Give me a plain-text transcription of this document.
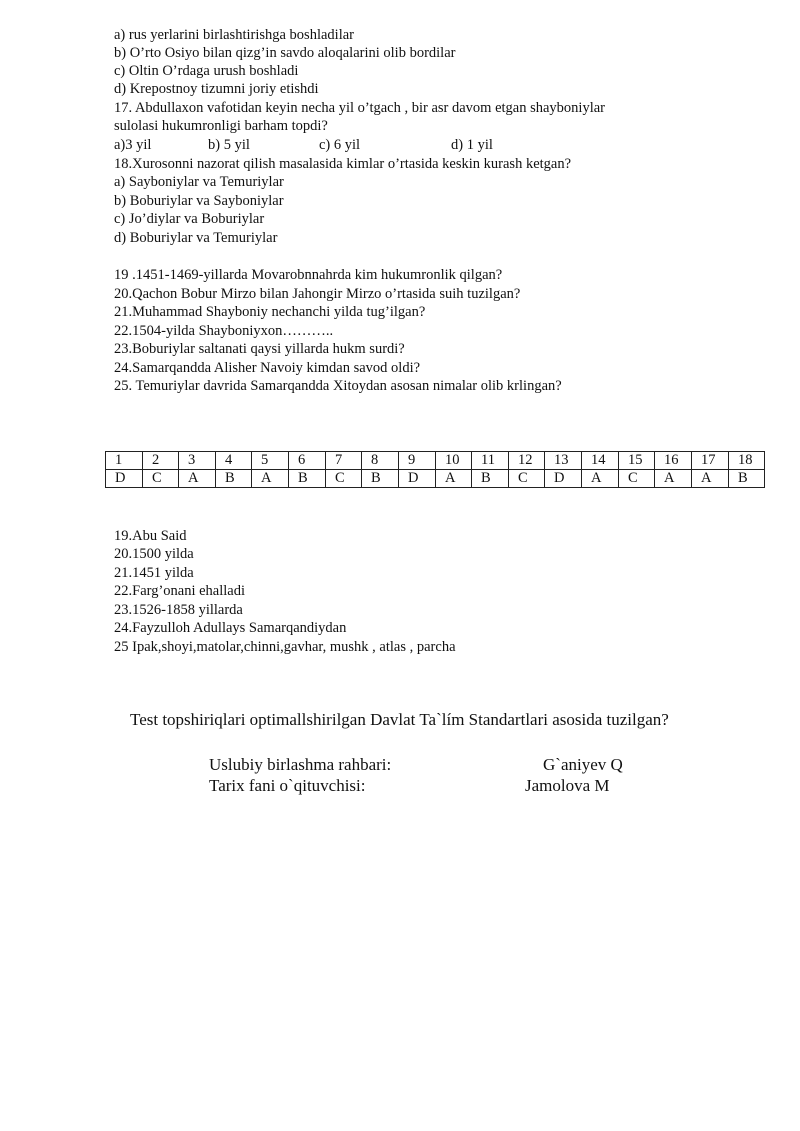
a) rus yerlarini birlashtirishga boshladilar
b) O’rto Osiyo bilan qizg’in savdo aloqalarini olib bordilar
c) Oltin O’rdaga urush boshladi
d) Krepostnoy tizumni joriy etishdi
17. Abdullaxon vafotidan keyin necha yil o’tgach , bir asr davom etgan shayboniylar
sulolasi hukumronligi barham topdi?
a)3 yil	b) 5 yil	c) 6 yil	d) 1 yil
18.Xurosonni nazorat qilish masalasida kimlar o’rtasida keskin kurash ketgan?
a) Sayboniylar va Temuriylar
b) Boburiylar va Sayboniylar
c) Jo’diylar va Boburiylar
d) Boburiylar va Temuriylar
19 .1451-1469-yillarda Movarobnnahrda kim hukumronlik qilgan?
20.Qachon Bobur Mirzo bilan Jahongir Mirzo o’rtasida suih tuzilgan?
21.Muhammad Shayboniy nechanchi yilda tug’ilgan?
22.1504-yilda Shayboniyxon………..
23.Boburiylar saltanati qaysi yillarda hukm surdi?
24.Samarqandda Alisher Navoiy kimdan savod oldi?
25. Temuriylar davrida Samarqandda Xitoydan asosan nimalar olib krlingan?
1	2	3	4	5	6	7	8	9	10	11	12	13	14	15	16	17	18
D	C	A	B	A	B	C	B	D	A	B	C	D	A	C	A	A	B
19.Abu Said
20.1500 yilda
21.1451 yilda
22.Farg’onani ehalladi
23.1526-1858 yillarda
24.Fayzulloh Adullays Samarqandiydan
25 Ipak,shoyi,matolar,chinni,gavhar, mushk , atlas , parcha
Test topshiriqlari optimallshirilgan Davlat Ta`lím Standartlari asosida tuzilgan?
Uslubiy birlashma rahbari:	G`aniyev Q
Tarix fani o`qituvchisi:	Jamolova M
